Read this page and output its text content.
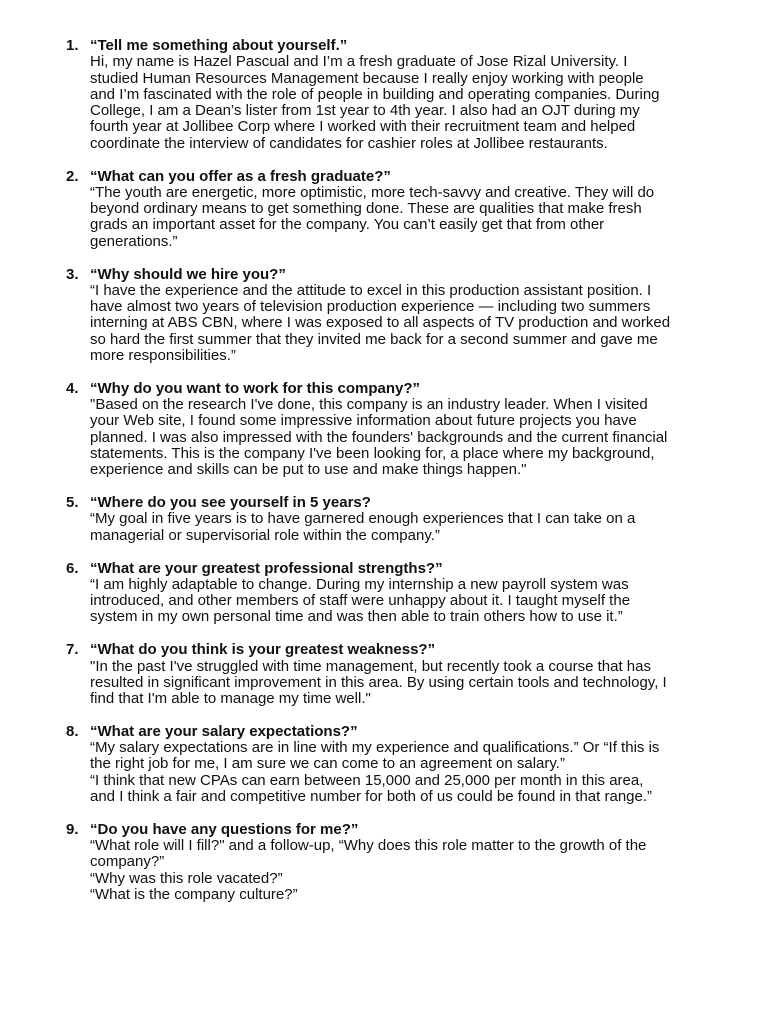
1. “Tell me something about yourself.”

Hi, my name is Hazel Pascual and I’m a fresh graduate of Jose Rizal University. I

studied Human Resources Management because I really enjoy working with people

and I’m fascinated with the role of people in building and operating companies. During

College, I am a Dean’s lister from 1st year to 4th year. I also had an OJT during my

fourth year at Jollibee Corp where I worked with their recruitment team and helped

coordinate the interview of candidates for cashier roles at Jollibee restaurants.

2. “What can you offer as a fresh graduate?”

“The youth are energetic, more optimistic, more tech-savvy and creative. They will do

beyond ordinary means to get something done. These are qualities that make fresh

grads an important asset for the company. You can’t easily get that from other

generations.”

3. “Why should we hire you?”

“I have the experience and the attitude to excel in this production assistant position. I

have almost two years of television production experience — including two summers

interning at ABS CBN, where I was exposed to all aspects of TV production and worked

so hard the first summer that they invited me back for a second summer and gave me

more responsibilities.”

4. “Why do you want to work for this company?”

"Based on the research I've done, this company is an industry leader. When I visited

your Web site, I found some impressive information about future projects you have

planned. I was also impressed with the founders' backgrounds and the current financial

statements. This is the company I've been looking for, a place where my background,

experience and skills can be put to use and make things happen."

5. “Where do you see yourself in 5 years?

“My goal in five years is to have garnered enough experiences that I can take on a

managerial or supervisorial role within the company.”

6. “What are your greatest professional strengths?”

“I am highly adaptable to change. During my internship a new payroll system was

introduced, and other members of staff were unhappy about it. I taught myself the

system in my own personal time and was then able to train others how to use it.”

7. “What do you think is your greatest weakness?”

"In the past I've struggled with time management, but recently took a course that has

resulted in significant improvement in this area. By using certain tools and technology, I

find that I'm able to manage my time well."

8. “What are your salary expectations?”

“My salary expectations are in line with my experience and qualifications.” Or “If this is

the right job for me, I am sure we can come to an agreement on salary.”

“I think that new CPAs can earn between 15,000 and 25,000 per month in this area,

and I think a fair and competitive number for both of us could be found in that range.”

9. “Do you have any questions for me?”

“What role will I fill?" and a follow-up, “Why does this role matter to the growth of the

company?”

“Why was this role vacated?”

“What is the company culture?”
